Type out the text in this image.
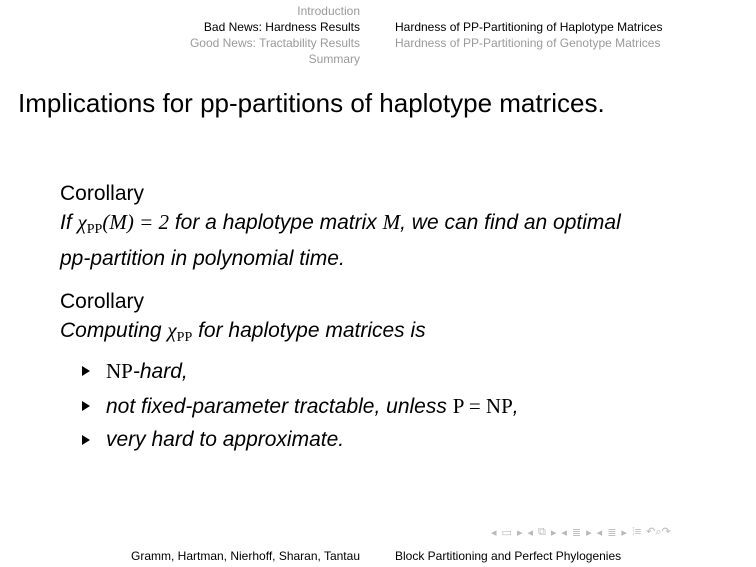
Introduction
Bad News: Hardness Results
Good News: Tractability Results
Summary
Hardness of PP-Partitioning of Haplotype Matrices
Hardness of PP-Partitioning of Genotype Matrices
Implications for pp-partitions of haplotype matrices.
Corollary
If $\chi_{PP}(M) = 2$ for a haplotype matrix M, we can find an optimal
pp-partition in polynomial time.
Corollary
Computing $\chi_{PP}$ for haplotype matrices is
NP-hard,
not fixed-parameter tractable, unless P = NP,
very hard to approximate.
◂ ▭ ▸ ◂ ⧉ ▸ ◂ ≣ ▸ ◂ ≣ ▸ ⫶≡ ↶⌕↷
Gramm, Hartman, Nierhoff, Sharan, Tantau	Block Partitioning and Perfect Phylogenies
